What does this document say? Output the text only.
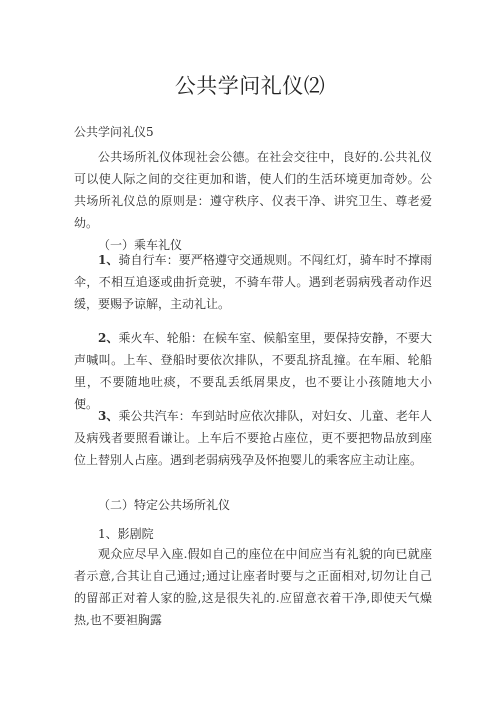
公共学问礼仪⑵

公共学问礼仪5

公共场所礼仪体现社会公德。在社会交往中，良好的.公共礼仪可以使人际之间的交往更加和谐，使人们的生活环境更加奇妙。公共场所礼仪总的原则是：遵守秩序、仪表干净、讲究卫生、尊老爱幼。

（一）乘车礼仪

1、骑自行车：要严格遵守交通规则。不闯红灯，骑车时不撑雨伞，不相互追逐或曲折竞驶，不骑车带人。遇到老弱病残者动作迟缓，要赐予谅解，主动礼让。

2、乘火车、轮船：在候车室、候船室里，要保持安静，不要大声喊叫。上车、登船时要依次排队，不要乱挤乱撞。在车厢、轮船里，不要随地吐痰，不要乱丢纸屑果皮，也不要让小孩随地大小便。

3、乘公共汽车：车到站时应依次排队，对妇女、儿童、老年人及病残者要照看谦让。上车后不要抢占座位，更不要把物品放到座位上替别人占座。遇到老弱病残孕及怀抱婴儿的乘客应主动让座。

（二）特定公共场所礼仪

1、影剧院

观众应尽早入座.假如自己的座位在中间应当有礼貌的向已就座者示意,合其让自己通过;通过让座者时要与之正面相对,切勿让自己的留部正对着人家的脸,这是很失礼的.应留意衣着干净,即使天气燥热,也不要袒胸露
